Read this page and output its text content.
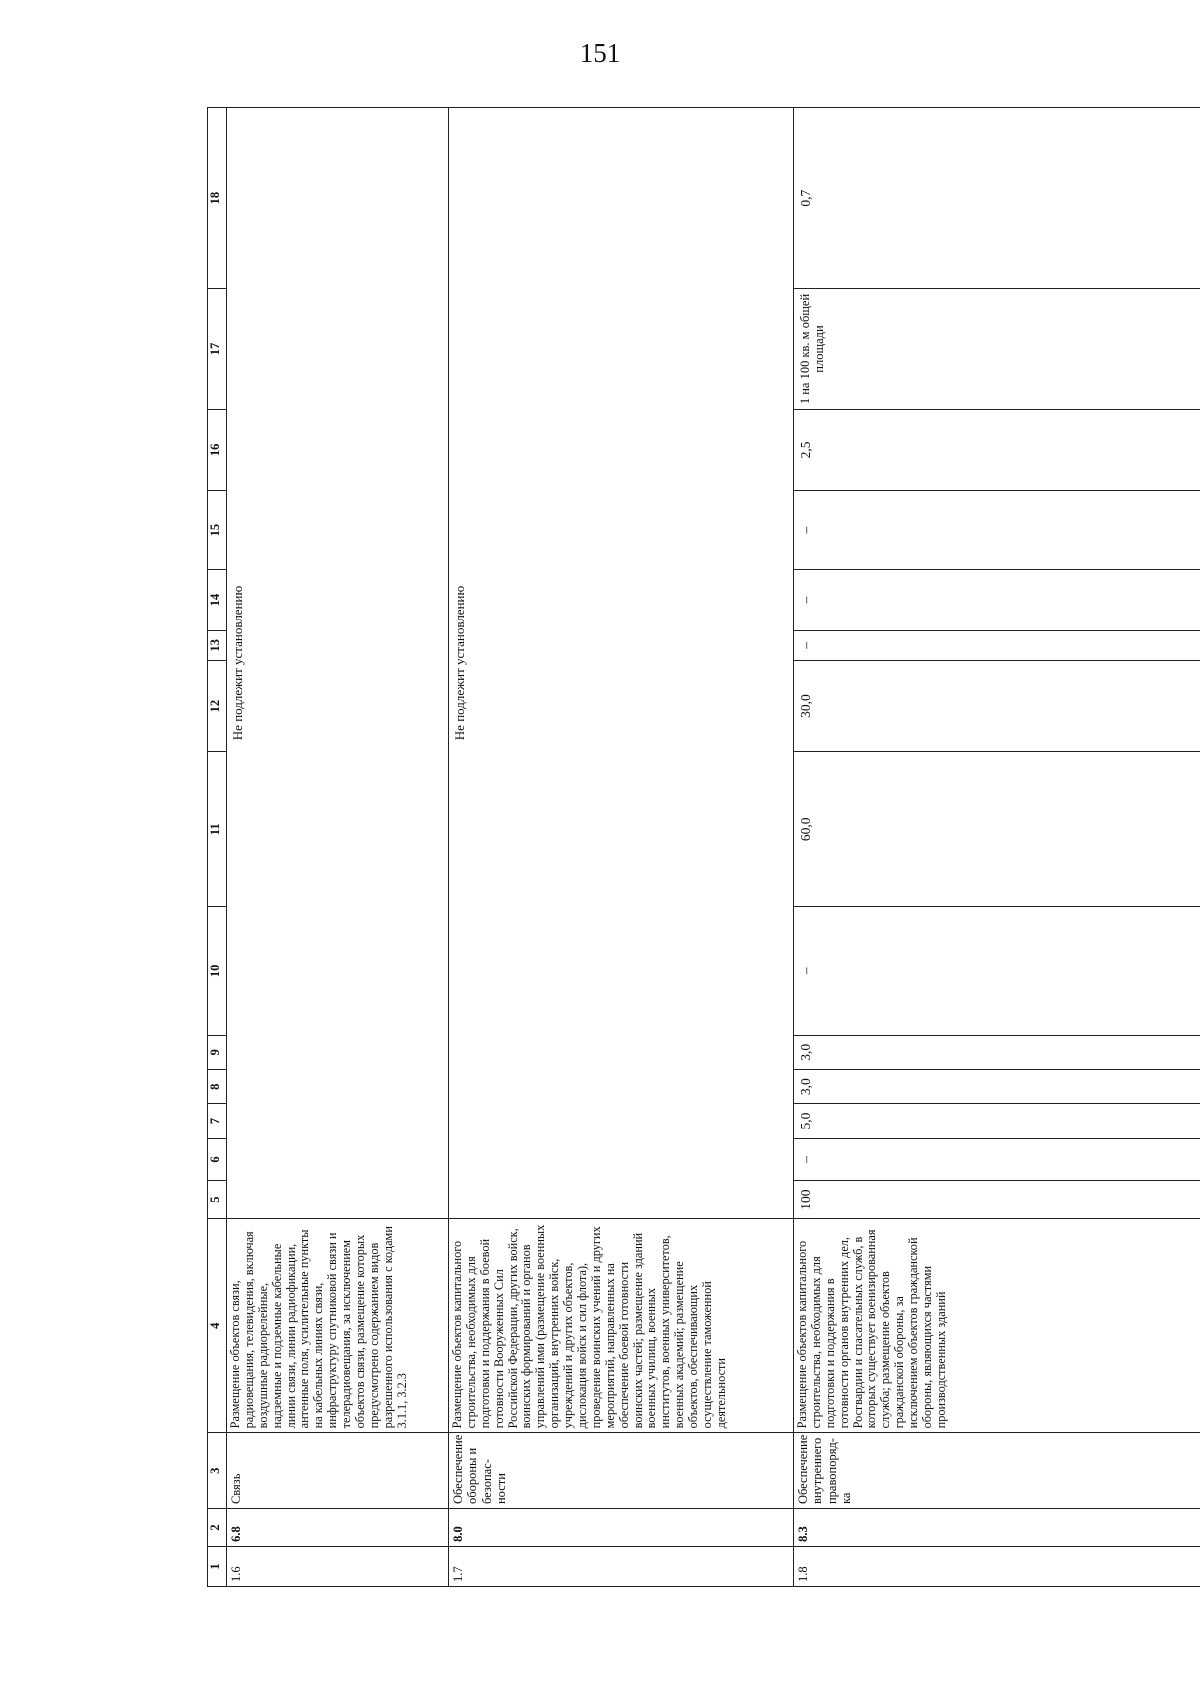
151
1	2	3	4	5	6	7	8	9	10	11	12	13	14	15	16	17	18
1.6	6.8	Связь	Размещение объектов связи, радиовещания, телевидения, включая воздушные радиорелейные, надземные и подземные кабельные линии связи, линии радиофикации, антенные поля, усилительные пункты на кабельных линиях связи, инфраструктуру спутниковой связи и телерадиовещания, за исключением объектов связи, размещение которых предусмотрено содержанием видов разрешенного использования с кодами 3.1.1, 3.2.3	Не подлежит установлению													
1.7	8.0	Обеспечение обороны и безопас-ности	Размещение объектов капитального строительства, необходимых для подготовки и поддержания в боевой готовности Вооруженных Сил Российской Федерации, других войск, воинских формирований и органов управлений ими (размещение военных организаций, внутренних войск, учреждений и других объектов, дислокация войск и сил флота), проведение воинских учений и других мероприятий, направленных на обеспечение боевой готовности воинских частей; размещение зданий военных училищ, военных институтов, военных университетов, военных академий; размещение объектов, обеспечивающих осуществление таможенной деятельности	Не подлежит установлению													
1.8	8.3	Обеспечение внутреннего правопоряд-ка	Размещение объектов капитального строительства, необходимых для подготовки и поддержания в готовности органов внутренних дел, Росгвардии и спасательных служб, в которых существует военизированная служба; размещение объектов гражданской обороны, за исключением объектов гражданской обороны, являющихся частями производственных зданий	100	–	5,0	3,0	3,0	–	60,0	30,0	–	–	–	2,5	1 на 100 кв. м общей площади	0,7
